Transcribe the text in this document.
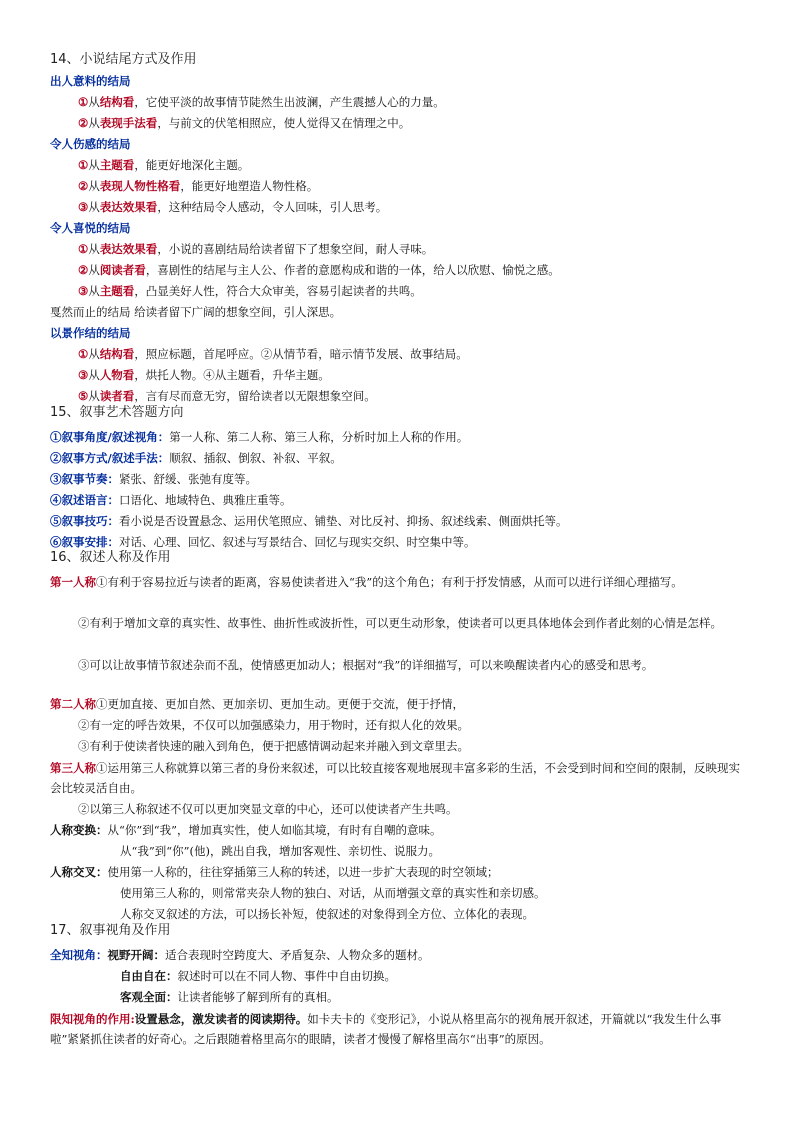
14、小说结尾方式及作用
出人意料的结局
①从结构看，它使平淡的故事情节陡然生出波澜，产生震撼人心的力量。
②从表现手法看，与前文的伏笔相照应，使人觉得又在情理之中。
令人伤感的结局
①从主题看，能更好地深化主题。
②从表现人物性格看，能更好地塑造人物性格。
③从表达效果看，这种结局令人感动，令人回味，引人思考。
令人喜悦的结局
①从表达效果看，小说的喜剧结局给读者留下了想象空间，耐人寻味。
②从阅读者看，喜剧性的结尾与主人公、作者的意愿构成和谐的一体，给人以欣慰、愉悦之感。
③从主题看，凸显美好人性，符合大众审美，容易引起读者的共鸣。
戛然而止的结局 给读者留下广阔的想象空间，引人深思。
以景作结的结局
①从结构看，照应标题，首尾呼应。②从情节看，暗示情节发展、故事结局。
③从人物看，烘托人物。④从主题看，升华主题。
⑤从读者看，言有尽而意无穷，留给读者以无限想象空间。
15、叙事艺术答题方向
①叙事角度/叙述视角：第一人称、第二人称、第三人称，分析时加上人称的作用。
②叙事方式/叙述手法：顺叙、插叙、倒叙、补叙、平叙。
③叙事节奏：紧张、舒缓、张弛有度等。
④叙述语言：口语化、地域特色、典雅庄重等。
⑤叙事技巧：看小说是否设置悬念、运用伏笔照应、铺垫、对比反衬、抑扬、叙述线索、侧面烘托等。
⑥叙事安排：对话、心理、回忆、叙述与写景结合、回忆与现实交织、时空集中等。
16、叙述人称及作用
第一人称①有利于容易拉近与读者的距离，容易使读者进入“我”的这个角色；有利于抒发情感，从而可以进行详细心理描写。
②有利于增加文章的真实性、故事性、曲折性或波折性，可以更生动形象，使读者可以更具体地体会到作者此刻的心情是怎样。
③可以让故事情节叙述杂而不乱，使情感更加动人；根据对“我”的详细描写，可以来唤醒读者内心的感受和思考。
第二人称①更加直接、更加自然、更加亲切、更加生动。更便于交流，便于抒情，
②有一定的呼告效果，不仅可以加强感染力，用于物时，还有拟人化的效果。
③有利于使读者快速的融入到角色，便于把感情调动起来并融入到文章里去。
第三人称①运用第三人称就算以第三者的身份来叙述，可以比较直接客观地展现丰富多彩的生活，不会受到时间和空间的限制，反映现实会比较灵活自由。
②以第三人称叙述不仅可以更加突显文章的中心，还可以使读者产生共鸣。
人称变换：从“你”到“我”，增加真实性，使人如临其境，有时有自嘲的意味。
从“我”到“你”(他)，跳出自我，增加客观性、亲切性、说服力。
人称交叉：使用第一人称的，往往穿插第三人称的转述，以进一步扩大表现的时空领域；
使用第三人称的，则常常夹杂人物的独白、对话，从而增强文章的真实性和亲切感。
人称交叉叙述的方法，可以扬长补短，使叙述的对象得到全方位、立体化的表现。
17、叙事视角及作用
全知视角：视野开阔：适合表现时空跨度大、矛盾复杂、人物众多的题材。
自由自在：叙述时可以在不同人物、事件中自由切换。
客观全面：让读者能够了解到所有的真相。
限知视角的作用:设置悬念，激发读者的阅读期待。如卡夫卡的《变形记》，小说从格里高尔的视角展开叙述，开篇就以“我发生什么事啦”紧紧抓住读者的好奇心。之后跟随着格里高尔的眼睛，读者才慢慢了解格里高尔“出事”的原因。
